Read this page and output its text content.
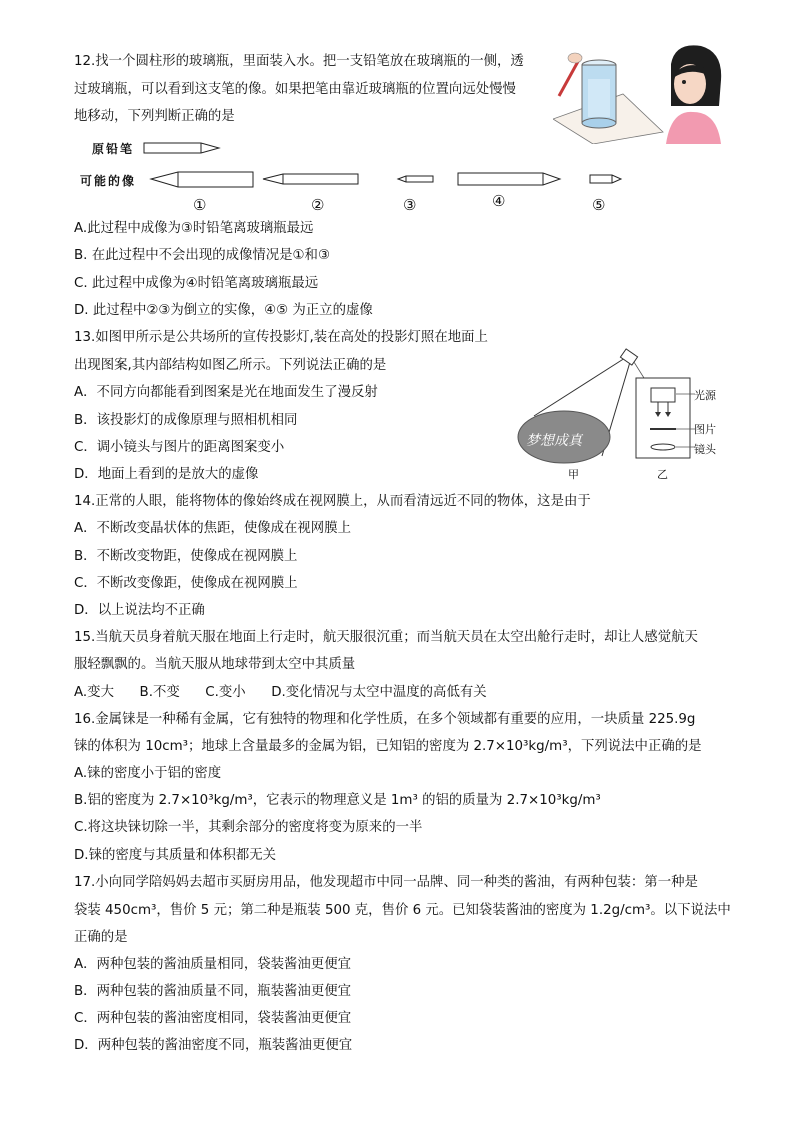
12.找一个圆柱形的玻璃瓶，里面装入水。把一支铅笔放在玻璃瓶的一侧，透
过玻璃瓶，可以看到这支笔的像。如果把笔由靠近玻璃瓶的位置向远处慢慢
地移动，下列判断正确的是
原铅笔
可能的像
①	②	③	④	⑤
A.此过程中成像为③时铅笔离玻璃瓶最远
B. 在此过程中不会出现的成像情况是①和③
C. 此过程中成像为④时铅笔离玻璃瓶最远
D. 此过程中②③为倒立的实像，④⑤ 为正立的虚像
13.如图甲所示是公共场所的宣传投影灯,装在高处的投影灯照在地面上
出现图案,其内部结构如图乙所示。下列说法正确的是
A．不同方向都能看到图案是光在地面发生了漫反射
B．该投影灯的成像原理与照相机相同
C．调小镜头与图片的距离图案变小
D．地面上看到的是放大的虚像
梦想成真
甲	乙
光源
图片
镜头
14.正常的人眼，能将物体的像始终成在视网膜上，从而看清远近不同的物体，这是由于
A．不断改变晶状体的焦距，使像成在视网膜上
B．不断改变物距，使像成在视网膜上
C．不断改变像距，使像成在视网膜上
D．以上说法均不正确
15.当航天员身着航天服在地面上行走时，航天服很沉重；而当航天员在太空出舱行走时，却让人感觉航天
服轻飘飘的。当航天服从地球带到太空中其质量
A.变大      B.不变      C.变小      D.变化情况与太空中温度的高低有关
16.金属铼是一种稀有金属，它有独特的物理和化学性质，在多个领域都有重要的应用，一块质量 225.9g
铼的体积为 10cm³；地球上含量最多的金属为铝，已知铝的密度为 2.7×10³kg/m³，下列说法中正确的是
A.铼的密度小于铝的密度
B.铝的密度为 2.7×10³kg/m³，它表示的物理意义是 1m³ 的铝的质量为 2.7×10³kg/m³
C.将这块铼切除一半，其剩余部分的密度将变为原来的一半
D.铼的密度与其质量和体积都无关
17.小向同学陪妈妈去超市买厨房用品，他发现超市中同一品牌、同一种类的酱油，有两种包装：第一种是
袋装 450cm³，售价 5 元；第二种是瓶装 500 克，售价 6 元。已知袋装酱油的密度为 1.2g/cm³。以下说法中
正确的是
A．两种包装的酱油质量相同，袋装酱油更便宜
B．两种包装的酱油质量不同，瓶装酱油更便宜
C．两种包装的酱油密度相同，袋装酱油更便宜
D．两种包装的酱油密度不同，瓶装酱油更便宜
